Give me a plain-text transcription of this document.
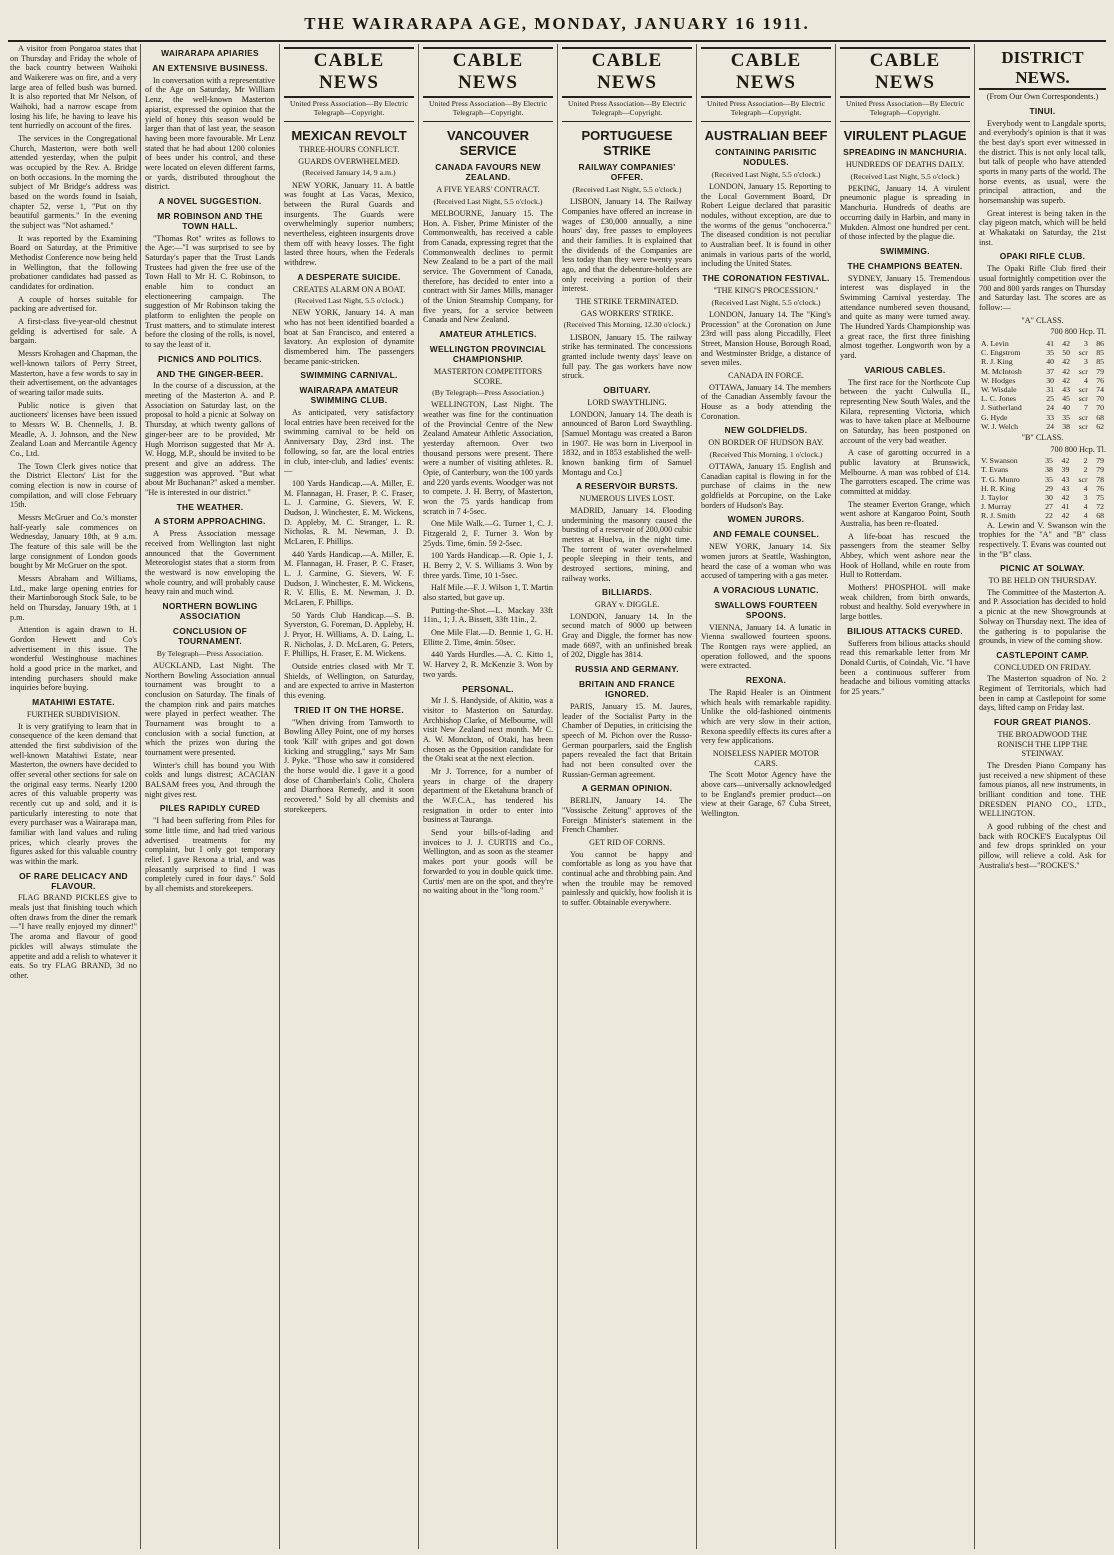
THE WAIRARAPA AGE, MONDAY, JANUARY 16 1911.

A visitor from Pongaroa states that on Thursday and Friday the whole of the back country between Waihoki and Waikerere was on fire, and a very large area of felled bush was burned. It is also reported that Mr Nelson, of Waihoki, had a narrow escape from losing his life, he having to leave his tent hurriedly on account of the fires.

The services in the Congregational Church, Masterton, were both well attended yesterday, when the pulpit was occupied by the Rev. A. Bridge on both occasions. In the morning the subject of Mr Bridge's address was based on the words found in Isaiah, chapter 52, verse 1, "Put on thy beautiful garments." In the evening the subject was "Not ashamed."

It was reported by the Examining Board on Saturday, at the Primitive Methodist Conference now being held in Wellington, that the following probationer candidates had passed as candidates for ordination.

A couple of horses suitable for packing are advertised for.

A first-class five-year-old chestnut gelding is advertised for sale. A bargain.

Messrs Krohagen and Chapman, the well-known tailors of Perry Street, Masterton, have a few words to say in their advertisement, on the advantages of wearing tailor made suits.

Public notice is given that auctioneers' licenses have been issued to Messrs W. B. Chennells, J. B. Meadle, A. J. Johnson, and the New Zealand Loan and Mercantile Agency Co., Ltd.

The Town Clerk gives notice that the District Electors' List for the coming election is now in course of compilation, and will close February 15th.

Messrs McGruer and Co.'s monster half-yearly sale commences on Wednesday, January 18th, at 9 a.m. The feature of this sale will be the large consignment of London goods bought by Mr McGruer on the spot.

Messrs Abraham and Williams, Ltd., make large opening entries for their Martinborough Stock Sale, to be held on Thursday, January 19th, at 1 p.m.

Attention is again drawn to H. Gordon Hewett and Co's advertisement in this issue. The wonderful Westinghouse machines hold a good price in the market, and intending purchasers should make inquiries before buying.

MATAHIWI ESTATE.
FURTHER SUBDIVISION.

It is very gratifying to learn that in consequence of the keen demand that attended the first subdivision of the well-known Matahiwi Estate, near Masterton, the owners have decided to offer several other sections for sale on the original easy terms. Nearly 1200 acres of this valuable property was recently cut up and sold, and it is particularly interesting to note that every purchaser was a Wairarapa man, familiar with land values and ruling prices, which clearly proves the figures asked for this valuable country was within the mark.

OF RARE DELICACY AND FLAVOUR.

FLAG BRAND PICKLES give to meals just that finishing touch which often draws from the diner the remark—"I have really enjoyed my dinner!" The aroma and flavour of good pickles will always stimulate the appetite and add a relish to whatever it eats. So try FLAG BRAND, 3d no other.

WAIRARAPA APIARIES
AN EXTENSIVE BUSINESS.

In conversation with a representative of the Age on Saturday, Mr William Lenz, the well-known Masterton apiarist, expressed the opinion that the yield of honey this season would be larger than that of last year, the season having been more favourable. Mr Lenz stated that he had about 1200 colonies of bees under his control, and these were located on eleven different farms, or yards, distributed throughout the district.

A NOVEL SUGGESTION.
MR ROBINSON AND THE TOWN HALL.

"Thomas Rot" writes as follows to the Age:—"I was surprised to see by Saturday's paper that the Trust Lands Trustees had given the free use of the Town Hall to Mr H. C. Robinson, to enable him to conduct an electioneering campaign. The suggestion of Mr Robinson taking the platform to enlighten the people on Trust matters, and to stimulate interest before the closing of the rolls, is novel, to say the least of it.

PICNICS AND POLITICS.
AND THE GINGER-BEER.

In the course of a discussion, at the meeting of the Masterton A. and P. Association on Saturday last, on the proposal to hold a picnic at Solway on Thursday, at which twenty gallons of ginger-beer are to be provided, Mr Hugh Morrison suggested that Mr A. W. Hogg, M.P., should be invited to be present and give an address. The suggestion was approved. "But what about Mr Buchanan?" asked a member. "He is interested in our district."

THE WEATHER.
A STORM APPROACHING.

A Press Association message received from Wellington last night announced that the Government Meteorologist states that a storm from the westward is now enveloping the whole country, and will probably cause heavy rain and much wind.

NORTHERN BOWLING ASSOCIATION
CONCLUSION OF TOURNAMENT.
By Telegraph—Press Association.

AUCKLAND, Last Night. The Northern Bowling Association annual tournament was brought to a conclusion on Saturday. The finals of the champion rink and pairs matches were played in perfect weather. The Tournament was brought to a conclusion with a social function, at which the prizes won during the tournament were presented.

Winter's chill has bound you With colds and lungs distrest; ACACIAN BALSAM frees you, And through the night gives rest.

PILES RAPIDLY CURED

"I had been suffering from Piles for some little time, and had tried various advertised treatments for my complaint, but I only got temporary relief. I gave Rexona a trial, and was pleasantly surprised to find I was completely cured in four days." Sold by all chemists and storekeepers.

CABLE NEWS
United Press Association—By Electric Telegraph—Copyright.
MEXICAN REVOLT
THREE-HOURS CONFLICT.
GUARDS OVERWHELMED.
(Received January 14, 9 a.m.)

NEW YORK, January 11. A battle was fought at Las Vacas, Mexico, between the Rural Guards and insurgents. The Guards were overwhelmingly superior numbers; nevertheless, eighteen insurgents drove them off with heavy losses. The fight lasted three hours, when the Federals withdrew.

A DESPERATE SUICIDE.
CREATES ALARM ON A BOAT.
(Received Last Night, 5.5 o'clock.)

NEW YORK, January 14. A man who has not been identified boarded a boat at San Francisco, and entered a lavatory. An explosion of dynamite dismembered him. The passengers became panic-stricken.

SWIMMING CARNIVAL.
WAIRARAPA AMATEUR SWIMMING CLUB.

As anticipated, very satisfactory local entries have been received for the swimming carnival to be held on Anniversary Day, 23rd inst. The following, so far, are the local entries in club, inter-club, and ladies' events:—

100 Yards Handicap.—A. Miller, E. M. Flannagan, H. Fraser, P. C. Fraser, L. J. Carmine, G. Sievers, W. F. Dudson, J. Winchester, E. M. Wickens, D. Appleby, M. C. Stranger, L. R. Nicholas, R. M. Newman, J. D. McLaren, F. Phillips.

440 Yards Handicap.—A. Miller, E. M. Flannagan, H. Fraser, P. C. Fraser, L. J. Carmine, G. Sievers, W. F. Dudson, J. Winchester, E. M. Wickens, R. V. Ellis, E. M. Newman, J. D. McLaren, F. Phillips.

50 Yards Club Handicap.—S. B. Syverston, G. Foreman, D. Appleby, H. J. Pryor, H. Williams, A. D. Laing, L. R. Nicholas, J. D. McLaren, G. Peters, F. Phillips, H. Fraser, E. M. Wickens.

Outside entries closed with Mr T. Shields, of Wellington, on Saturday, and are expected to arrive in Masterton this evening.

TRIED IT ON THE HORSE.

"When driving from Tamworth to Bowling Alley Point, one of my horses took 'Kill' with gripes and got down kicking and struggling," says Mr Sam J. Pyke. "Those who saw it considered the horse would die. I gave it a good dose of Chamberlain's Colic, Cholera and Diarrhoea Remedy, and it soon recovered." Sold by all chemists and storekeepers.

CABLE NEWS
United Press Association—By Electric Telegraph—Copyright.
VANCOUVER SERVICE
CANADA FAVOURS NEW ZEALAND.
A FIVE YEARS' CONTRACT.
(Received Last Night, 5.5 o'clock.)

MELBOURNE, January 15. The Hon. A. Fisher, Prime Minister of the Commonwealth, has received a cable from Canada, expressing regret that the Commonwealth declines to permit New Zealand to be a part of the mail service. The Government of Canada, therefore, has decided to enter into a contract with Sir James Mills, manager of the Union Steamship Company, for five years, for a service between Canada and New Zealand.

AMATEUR ATHLETICS.
WELLINGTON PROVINCIAL CHAMPIONSHIP.
MASTERTON COMPETITORS SCORE.
(By Telegraph—Press Association.)

WELLINGTON, Last Night. The weather was fine for the continuation of the Provincial Centre of the New Zealand Amateur Athletic Association, yesterday afternoon. Over two thousand persons were present. There were a number of visiting athletes. R. Opie, of Canterbury, won the 100 yards and 220 yards events. Woodger was not to compete. J. H. Berry, of Masterton, won the 75 yards handicap from scratch in 7 4-5sec.

One Mile Walk.—G. Turner 1, C. J. Fitzgerald 2, F. Turner 3. Won by 25yds. Time, 6min. 59 2-5sec.

100 Yards Handicap.—R. Opie 1, J. H. Berry 2, V. S. Williams 3. Won by three yards. Time, 10 1-5sec.

Half Mile.—F. J. Wilson 1, T. Martin also started, but gave up.

Putting-the-Shot.—L. Mackay 33ft 11in., 1; J. A. Bissett, 33ft 11in., 2.

One Mile Flat.—D. Bennie 1, G. H. Ellitte 2. Time, 4min. 50sec.

440 Yards Hurdles.—A. C. Kitto 1, W. Harvey 2, R. McKenzie 3. Won by two yards.

PERSONAL.

Mr J. S. Handyside, of Akitio, was a visitor to Masterton on Saturday. Archbishop Clarke, of Melbourne, will visit New Zealand next month. Mr C. A. W. Monckton, of Otaki, has been chosen as the Opposition candidate for the Otaki seat at the next election.

Mr J. Torrence, for a number of years in charge of the drapery department of the Eketahuna branch of the W.F.C.A., has tendered his resignation in order to enter into business at Tauranga.

Send your bills-of-lading and invoices to J. J. CURTIS and Co., Wellington, and as soon as the steamer makes port your goods will be forwarded to you in double quick time. Curtis' men are on the spot, and they're no waiting about in the "long room."

CABLE NEWS
United Press Association—By Electric Telegraph—Copyright.
PORTUGUESE STRIKE
RAILWAY COMPANIES' OFFER.
(Received Last Night, 5.5 o'clock.)

LISBON, January 14. The Railway Companies have offered an increase in wages of £30,000 annually, a nine hours' day, free passes to employees and their families. It is explained that the dividends of the Companies are less today than they were twenty years ago, and that the debenture-holders are only receiving a portion of their interest.

THE STRIKE TERMINATED.
GAS WORKERS' STRIKE.
(Received This Morning, 12.30 o'clock.)

LISBON, January 15. The railway strike has terminated. The concessions granted include twenty days' leave on full pay. The gas workers have now struck.

OBITUARY.
LORD SWAYTHLING.

LONDON, January 14. The death is announced of Baron Lord Swaythling. [Samuel Montagu was created a Baron in 1907. He was born in Liverpool in 1832, and in 1853 established the well-known banking firm of Samuel Montagu and Co.]

A RESERVOIR BURSTS.
NUMEROUS LIVES LOST.

MADRID, January 14. Flooding undermining the masonry caused the bursting of a reservoir of 200,000 cubic metres at Huelva, in the night time. The torrent of water overwhelmed people sleeping in their tents, and destroyed sections, mining, and railway works.

BILLIARDS.
GRAY v. DIGGLE.

LONDON, January 14. In the second match of 9000 up between Gray and Diggle, the former has now made 6697, with an unfinished break of 202, Diggle has 3814.

RUSSIA AND GERMANY.
BRITAIN AND FRANCE IGNORED.

PARIS, January 15. M. Jaures, leader of the Socialist Party in the Chamber of Deputies, in criticising the speech of M. Pichon over the Russo-German pourparlers, said the English papers revealed the fact that Britain had not been consulted over the Russian-German agreement.

A GERMAN OPINION.

BERLIN, January 14. The "Vossische Zeitung" approves of the Foreign Minister's statement in the French Chamber.

GET RID OF CORNS.

You cannot be happy and comfortable as long as you have that continual ache and throbbing pain. And when the trouble may be removed painlessly and quickly, how foolish it is to suffer. Obtainable everywhere.

CABLE NEWS
United Press Association—By Electric Telegraph—Copyright.
AUSTRALIAN BEEF
CONTAINING PARISITIC NODULES.
(Received Last Night, 5.5 o'clock.)

LONDON, January 15. Reporting to the Local Government Board, Dr Robert Leigue declared that parasitic nodules, without exception, are due to the worms of the genus "onchocerca." The diseased condition is not peculiar to Australian beef. It is found in other animals in various parts of the world, including the United States.

THE CORONATION FESTIVAL.
"THE KING'S PROCESSION."
(Received Last Night, 5.5 o'clock.)

LONDON, January 14. The "King's Procession" at the Coronation on June 23rd will pass along Piccadilly, Fleet Street, Mansion House, Borough Road, and Westminster Bridge, a distance of seven miles.

CANADA IN FORCE.

OTTAWA, January 14. The members of the Canadian Assembly favour the House as a body attending the Coronation.

NEW GOLDFIELDS.
ON BORDER OF HUDSON BAY.
(Received This Morning, 1 o'clock.)

OTTAWA, January 15. English and Canadian capital is flowing in for the purchase of claims in the new goldfields at Porcupine, on the Lake borders of Hudson's Bay.

WOMEN JURORS.
AND FEMALE COUNSEL.

NEW YORK, January 14. Six women jurors at Seattle, Washington, heard the case of a woman who was accused of tampering with a gas meter.

A VORACIOUS LUNATIC.
SWALLOWS FOURTEEN SPOONS.

VIENNA, January 14. A lunatic in Vienna swallowed fourteen spoons. The Rontgen rays were applied, an operation followed, and the spoons were extracted.

REXONA.

The Rapid Healer is an Ointment which heals with remarkable rapidity. Unlike the old-fashioned ointments which are very slow in their action, Rexona speedily effects its cures after a very few applications.

NOISELESS NAPIER MOTOR CARS.

The Scott Motor Agency have the above cars—universally acknowledged to be England's premier product—on view at their Garage, 67 Cuba Street, Wellington.

CABLE NEWS
United Press Association—By Electric Telegraph—Copyright.
VIRULENT PLAGUE
SPREADING IN MANCHURIA.
HUNDREDS OF DEATHS DAILY.
(Received Last Night, 5.5 o'clock.)

PEKING, January 14. A virulent pneumonic plague is spreading in Manchuria. Hundreds of deaths are occurring daily in Harbin, and many in Mukden. Almost one hundred per cent. of those infected by the plague die.

SWIMMING.
THE CHAMPIONS BEATEN.

SYDNEY, January 15. Tremendous interest was displayed in the Swimming Carnival yesterday. The attendance numbered seven thousand, and quite as many were turned away. The Hundred Yards Championship was a great race, the first three finishing almost together. Longworth won by a yard.

VARIOUS CABLES.

The first race for the Northcote Cup between the yacht Culwulla II., representing New South Wales, and the Kilara, representing Victoria, which was to have taken place at Melbourne on Saturday, has been postponed on account of the very bad weather.

A case of garotting occurred in a public lavatory at Brunswick, Melbourne. A man was robbed of £14. The garrotters escaped. The crime was committed at midday.

The steamer Everton Grange, which went ashore at Kangaroo Point, South Australia, has been re-floated.

A life-boat has rescued the passengers from the steamer Selby Abbey, which went ashore near the Hook of Holland, while en route from Hull to Rotterdam.

Mothers! PHOSPHOL will make weak children, from birth onwards, robust and healthy. Sold everywhere in large bottles.

BILIOUS ATTACKS CURED.

Sufferers from bilious attacks should read this remarkable letter from Mr Donald Curtis, of Coindah, Vic. "I have been a continuous sufferer from headache and bilious vomiting attacks for 25 years."

DISTRICT NEWS.
(From Our Own Correspondents.)
TINUI.

Everybody went to Langdale sports, and everybody's opinion is that it was the best day's sport ever witnessed in the district. This is not only local talk, but talk of people who have attended sports in many parts of the world. The horse events, as usual, were the principal attraction, and the horsemanship was superb.

Great interest is being taken in the clay pigeon match, which will be held at Whakataki on Saturday, the 21st inst.

OPAKI RIFLE CLUB.

The Opaki Rifle Club fired their usual fortnightly competition over the 700 and 800 yards ranges on Thursday and Saturday last. The scores are as follow:—

"A" CLASS.
700 800 Hcp. Tl.
A. Levin	41	42	3	86
C. Engstrom	35	50	scr	85
R. J. King	40	42	3	85
M. McIntosh	37	42	scr	79
W. Hodges	30	42	4	76
W. Wisdale	31	43	scr	74
L. C. Jones	25	45	scr	70
J. Sutherland	24	40	7	70
G. Hyde	33	35	scr	68
W. J. Welch	24	38	scr	62
"B" CLASS.
700 800 Hcp. Tl.
V. Swanson	35	42	2	79
T. Evans	38	39	2	79
T. G. Munro	35	43	scr	78
H. R. King	29	43	4	76
J. Taylor	30	42	3	75
J. Murray	27	41	4	72
R. J. Smith	22	42	4	68

A. Lewin and V. Swanson win the trophies for the "A" and "B" class respectively. T. Evans was counted out in the "B" class.

PICNIC AT SOLWAY.
TO BE HELD ON THURSDAY.

The Committee of the Masterton A. and P. Association has decided to hold a picnic at the new Showgrounds at Solway on Thursday next. The idea of the gathering is to popularise the grounds, in view of the coming show.

CASTLEPOINT CAMP.
CONCLUDED ON FRIDAY.

The Masterton squadron of No. 2 Regiment of Territorials, which had been in camp at Castlepoint for some days, lifted camp on Friday last.

FOUR GREAT PIANOS.
THE BROADWOOD THE RONISCH THE LIPP THE STEINWAY.

The Dresden Piano Company has just received a new shipment of these famous pianos, all new instruments, in brilliant condition and tone. THE DRESDEN PIANO CO., LTD., WELLINGTON.

A good rubbing of the chest and back with ROCKE'S Eucalyptus Oil and few drops sprinkled on your pillow, will relieve a cold. Ask for Australia's best—"ROCKE'S."
